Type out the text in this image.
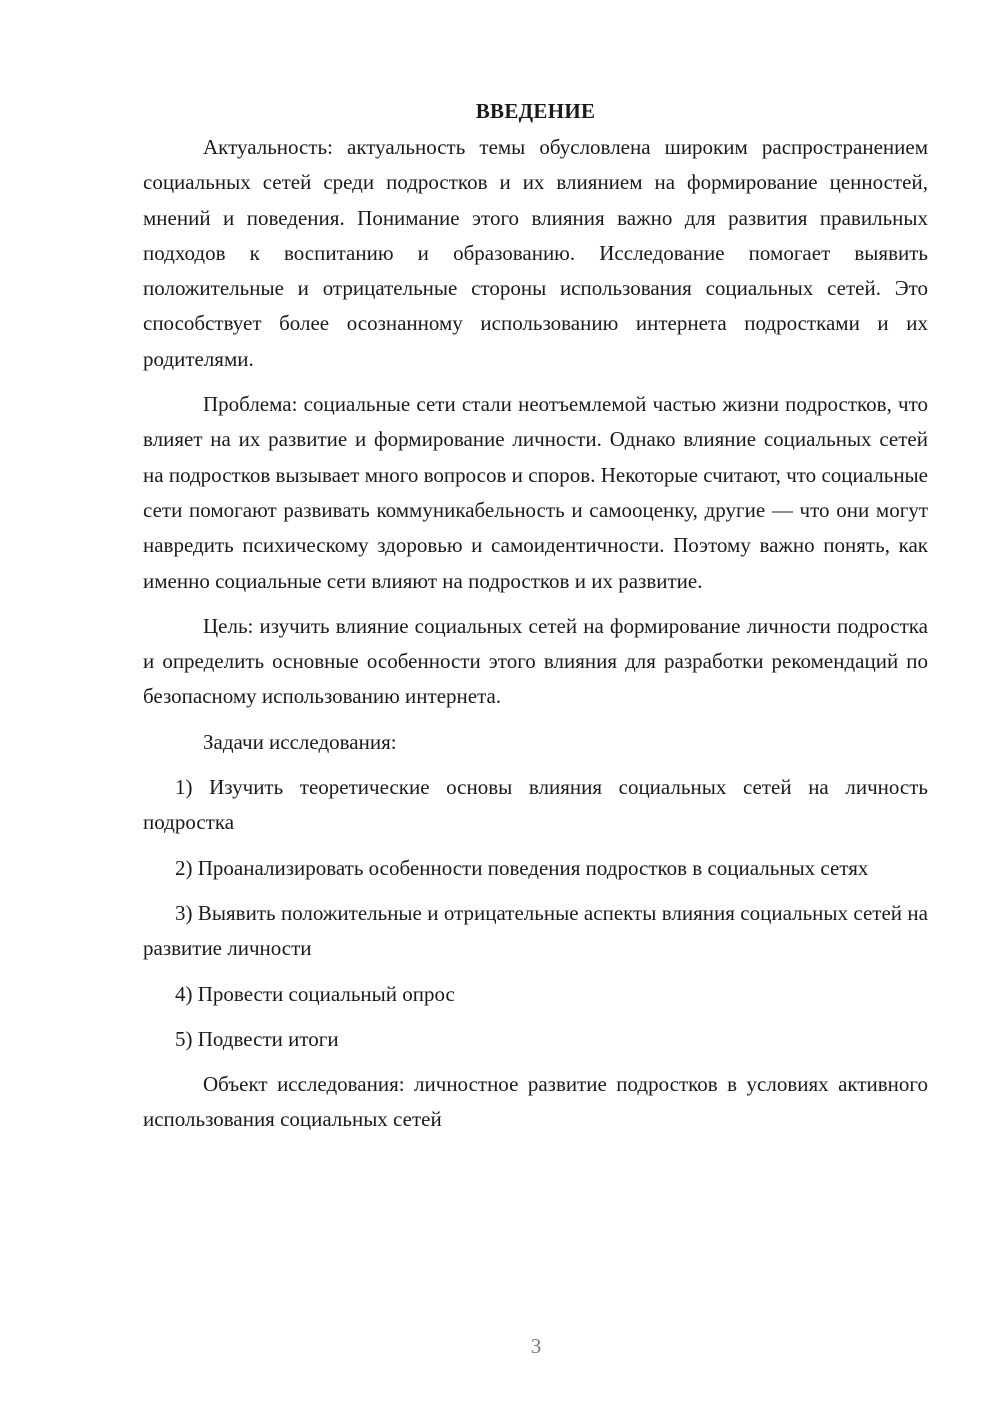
ВВЕДЕНИЕ

Актуальность: актуальность темы обусловлена широким распространением социальных сетей среди подростков и их влиянием на формирование ценностей, мнений и поведения. Понимание этого влияния важно для развития правильных подходов к воспитанию и образованию. Исследование помогает выявить положительные и отрицательные стороны использования социальных сетей. Это способствует более осознанному использованию интернета подростками и их родителями.

Проблема: социальные сети стали неотъемлемой частью жизни подростков, что влияет на их развитие и формирование личности. Однако влияние социальных сетей на подростков вызывает много вопросов и споров. Некоторые считают, что социальные сети помогают развивать коммуникабельность и самооценку, другие — что они могут навредить психическому здоровью и самоидентичности. Поэтому важно понять, как именно социальные сети влияют на подростков и их развитие.

Цель: изучить влияние социальных сетей на формирование личности подростка и определить основные особенности этого влияния для разработки рекомендаций по безопасному использованию интернета.

Задачи исследования:

1) Изучить теоретические основы влияния социальных сетей на личность подростка

2) Проанализировать особенности поведения подростков в социальных сетях

3) Выявить положительные и отрицательные аспекты влияния социальных сетей на развитие личности

4) Провести социальный опрос

5) Подвести итоги

Объект исследования: личностное развитие подростков в условиях активного использования социальных сетей

3
